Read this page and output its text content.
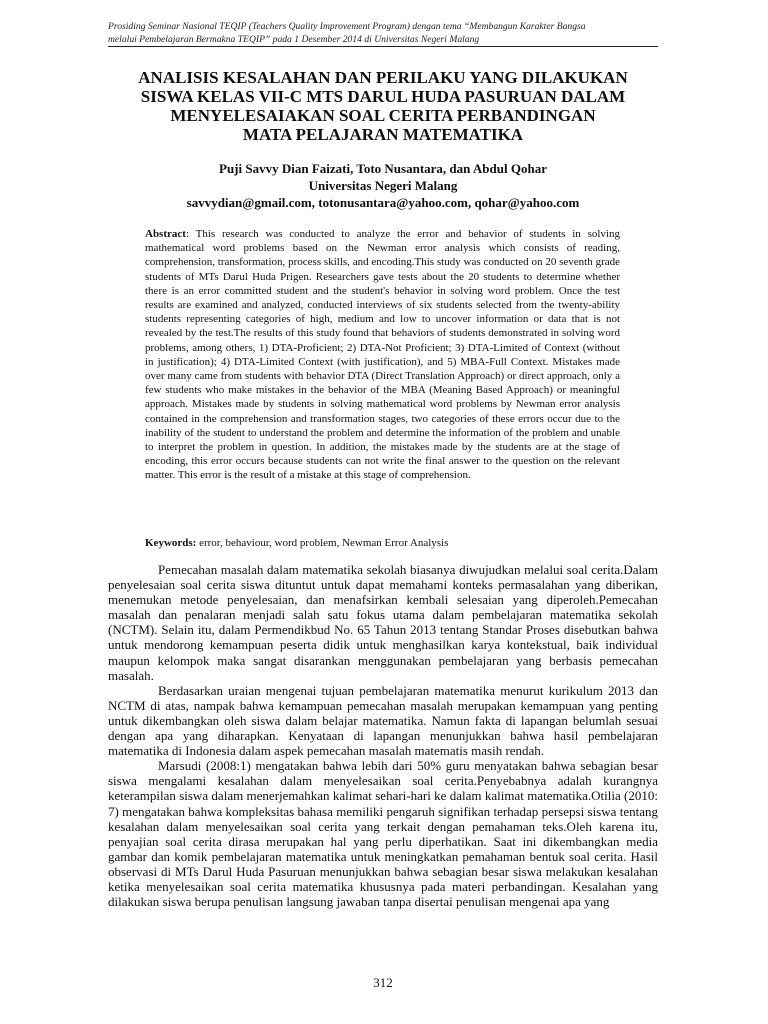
Prosiding Seminar Nasional TEQIP (Teachers Quality Improvement Program) dengan tema “Membangun Karakter Bangsa
melalui Pembelajaran Bermakna TEQIP” pada 1 Desember 2014 di Universitas Negeri Malang
ANALISIS KESALAHAN DAN PERILAKU YANG DILAKUKAN
SISWA KELAS VII-C MTS DARUL HUDA PASURUAN DALAM
MENYELESAIAKAN SOAL CERITA PERBANDINGAN
MATA PELAJARAN MATEMATIKA
Puji Savvy Dian Faizati, Toto Nusantara, dan Abdul Qohar
Universitas Negeri Malang
savvydian@gmail.com, totonusantara@yahoo.com, qohar@yahoo.com

Abstract: This research was conducted to analyze the error and behavior of students in solving mathematical word problems based on the Newman error analysis which consists of reading, comprehension, transformation, process skills, and encoding.This study was conducted on 20 seventh grade students of MTs Darul Huda Prigen. Researchers gave tests about the 20 students to determine whether there is an error committed student and the student's behavior in solving word problem. Once the test results are examined and analyzed, conducted interviews of six students selected from the twenty-ability students representing categories of high, medium and low to uncover information or data that is not revealed by the test.The results of this study found that behaviors of students demonstrated in solving word problems, among others, 1) DTA-Proficient; 2) DTA-Not Proficient; 3) DTA-Limited of Context (without in justification); 4) DTA-Limited Context (with justification), and 5) MBA-Full Context. Mistakes made over many came from students with behavior DTA (Direct Translation Approach) or direct approach, only a few students who make mistakes in the behavior of the MBA (Meaning Based Approach) or meaningful approach. Mistakes made by students in solving mathematical word problems by Newman error analysis contained in the comprehension and transformation stages, two categories of these errors occur due to the inability of the student to understand the problem and determine the information of the problem and unable to interpret the problem in question. In addition, the mistakes made by the students are at the stage of encoding, this error occurs because students can not write the final answer to the question on the relevant matter. This error is the result of a mistake at this stage of comprehension.

Keywords: error, behaviour, word problem, Newman Error Analysis

Pemecahan masalah dalam matematika sekolah biasanya diwujudkan melalui soal cerita.Dalam penyelesaian soal cerita siswa dituntut untuk dapat memahami konteks permasalahan yang diberikan, menemukan metode penyelesaian, dan menafsirkan kembali selesaian yang diperoleh.Pemecahan masalah dan penalaran menjadi salah satu fokus utama dalam pembelajaran matematika sekolah (NCTM). Selain itu, dalam Permendikbud No. 65 Tahun 2013 tentang Standar Proses disebutkan bahwa untuk mendorong kemampuan peserta didik untuk menghasilkan karya kontekstual, baik individual maupun kelompok maka sangat disarankan menggunakan pembelajaran yang berbasis pemecahan masalah.

Berdasarkan uraian mengenai tujuan pembelajaran matematika menurut kurikulum 2013 dan NCTM di atas, nampak bahwa kemampuan pemecahan masalah merupakan kemampuan yang penting untuk dikembangkan oleh siswa dalam belajar matematika. Namun fakta di lapangan belumlah sesuai dengan apa yang diharapkan. Kenyataan di lapangan menunjukkan bahwa hasil pembelajaran matematika di Indonesia dalam aspek pemecahan masalah matematis masih rendah.

Marsudi (2008:1) mengatakan bahwa lebih dari 50% guru menyatakan bahwa sebagian besar siswa mengalami kesalahan dalam menyelesaikan soal cerita.Penyebabnya adalah kurangnya keterampilan siswa dalam menerjemahkan kalimat sehari-hari ke dalam kalimat matematika.Otilia (2010: 7) mengatakan bahwa kompleksitas bahasa memiliki pengaruh signifikan terhadap persepsi siswa tentang kesalahan dalam menyelesaikan soal cerita yang terkait dengan pemahaman teks.Oleh karena itu, penyajian soal cerita dirasa merupakan hal yang perlu diperhatikan. Saat ini dikembangkan media gambar dan komik pembelajaran matematika untuk meningkatkan pemahaman bentuk soal cerita. Hasil observasi di MTs Darul Huda Pasuruan menunjukkan bahwa sebagian besar siswa melakukan kesalahan ketika menyelesaikan soal cerita matematika khususnya pada materi perbandingan. Kesalahan yang dilakukan siswa berupa penulisan langsung jawaban tanpa disertai penulisan mengenai apa yang

312
